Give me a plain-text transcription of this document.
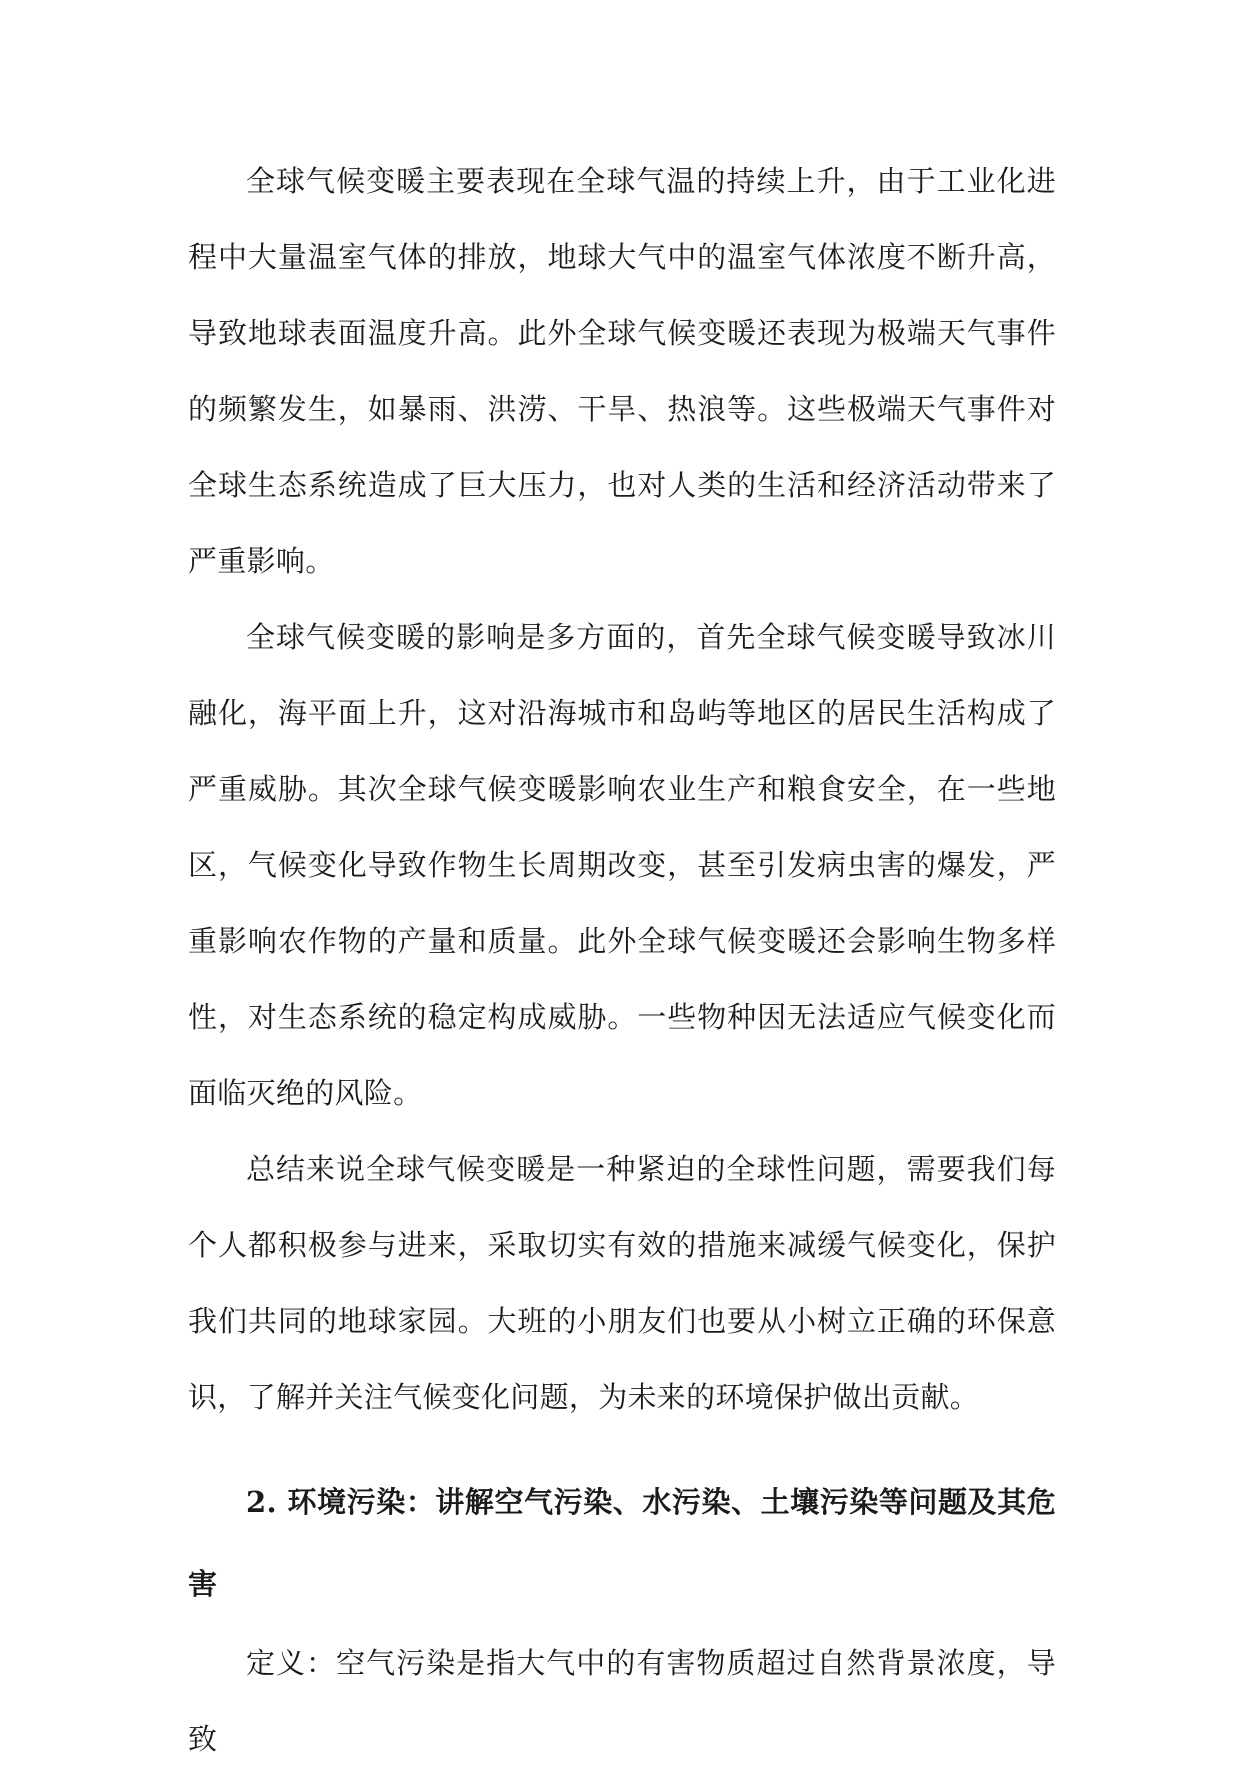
全球气候变暖主要表现在全球气温的持续上升，由于工业化进程中大量温室气体的排放，地球大气中的温室气体浓度不断升高，导致地球表面温度升高。此外全球气候变暖还表现为极端天气事件的频繁发生，如暴雨、洪涝、干旱、热浪等。这些极端天气事件对全球生态系统造成了巨大压力，也对人类的生活和经济活动带来了严重影响。

全球气候变暖的影响是多方面的，首先全球气候变暖导致冰川融化，海平面上升，这对沿海城市和岛屿等地区的居民生活构成了严重威胁。其次全球气候变暖影响农业生产和粮食安全，在一些地区，气候变化导致作物生长周期改变，甚至引发病虫害的爆发，严重影响农作物的产量和质量。此外全球气候变暖还会影响生物多样性，对生态系统的稳定构成威胁。一些物种因无法适应气候变化而面临灭绝的风险。

总结来说全球气候变暖是一种紧迫的全球性问题，需要我们每个人都积极参与进来，采取切实有效的措施来减缓气候变化，保护我们共同的地球家园。大班的小朋友们也要从小树立正确的环保意识，了解并关注气候变化问题，为未来的环境保护做出贡献。

2. 环境污染：讲解空气污染、水污染、土壤污染等问题及其危害

定义：空气污染是指大气中的有害物质超过自然背景浓度，导致
